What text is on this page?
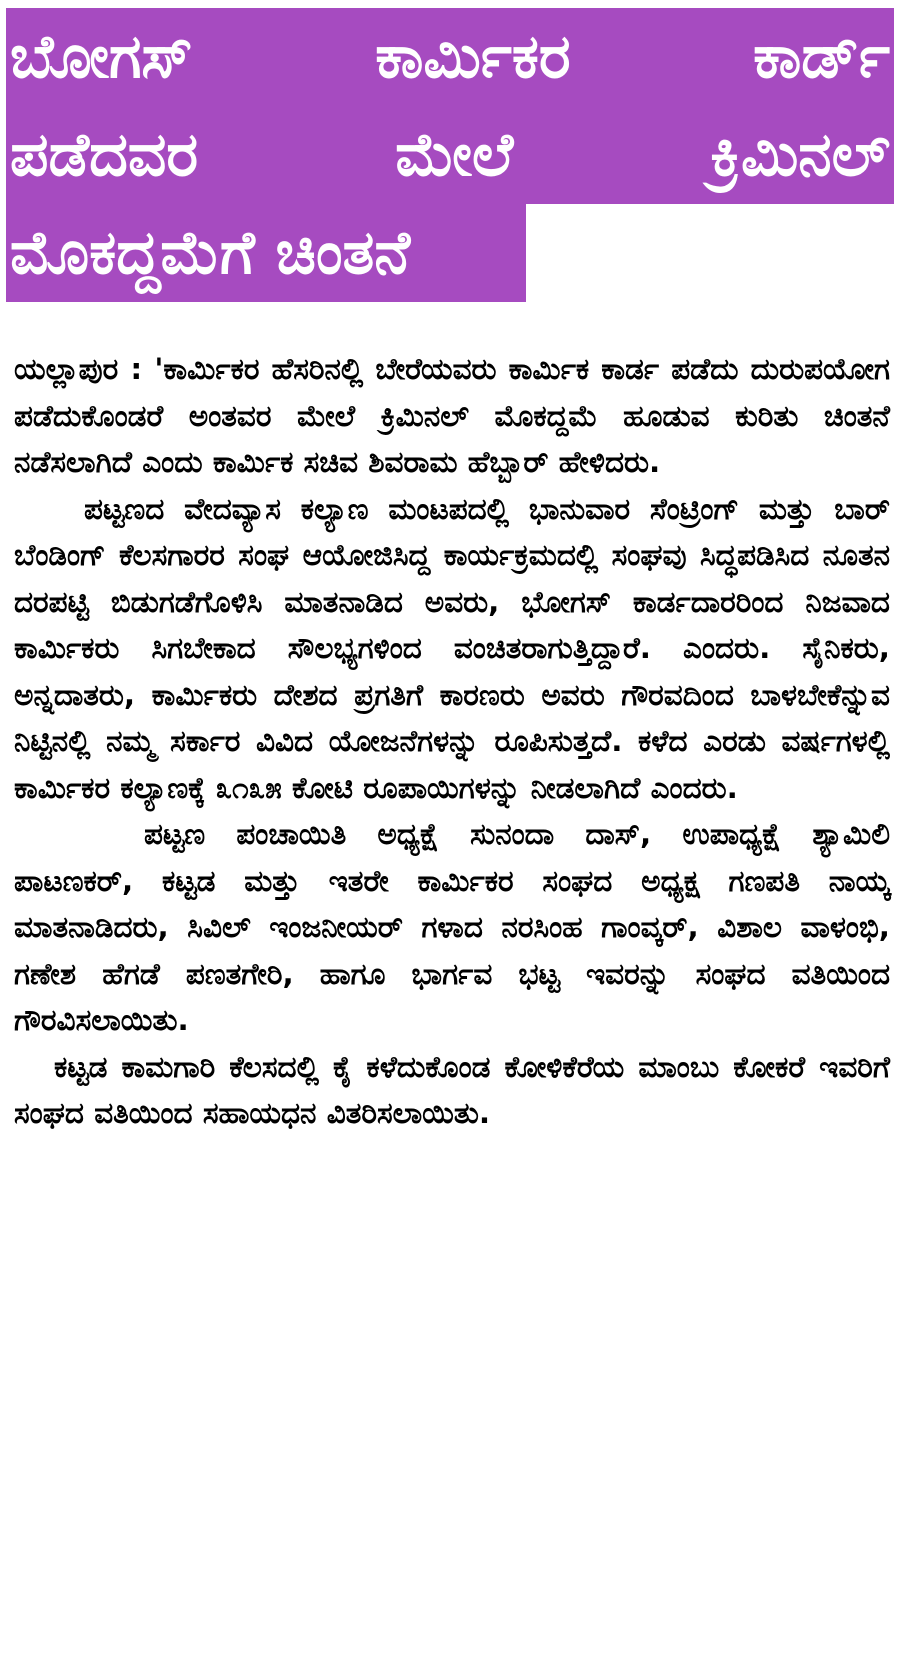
ಬೋಗಸ್ ಕಾರ್ಮಿಕರ ಕಾರ್ಡ್
ಪಡೆದವರ ಮೇಲೆ ಕ್ರಿಮಿನಲ್
ಮೊಕದ್ದಮೆಗೆ ಚಿಂತನೆ

ಯಲ್ಲಾಪುರ : 'ಕಾರ್ಮಿಕರ ಹೆಸರಿನಲ್ಲಿ ಬೇರೆಯವರು ಕಾರ್ಮಿಕ ಕಾರ್ಡ ಪಡೆದು ದುರುಪಯೋಗ ಪಡೆದುಕೊಂಡರೆ ಅಂತವರ ಮೇಲೆ ಕ್ರಿಮಿನಲ್ ಮೊಕದ್ದಮೆ ಹೂಡುವ ಕುರಿತು ಚಿಂತನೆ ನಡೆಸಲಾಗಿದೆ ಎಂದು ಕಾರ್ಮಿಕ ಸಚಿವ ಶಿವರಾಮ ಹೆಬ್ಬಾರ್ ಹೇಳಿದರು.

ಪಟ್ಟಣದ ವೇದವ್ಯಾಸ ಕಲ್ಯಾಣ ಮಂಟಪದಲ್ಲಿ ಭಾನುವಾರ ಸೆಂಟ್ರಿಂಗ್ ಮತ್ತು ಬಾರ್ ಬೆಂಡಿಂಗ್ ಕೆಲಸಗಾರರ ಸಂಘ ಆಯೋಜಿಸಿದ್ದ ಕಾರ್ಯಕ್ರಮದಲ್ಲಿ ಸಂಘವು ಸಿದ್ಧಪಡಿಸಿದ ನೂತನ ದರಪಟ್ಟಿ ಬಿಡುಗಡೆಗೊಳಿಸಿ ಮಾತನಾಡಿದ ಅವರು, ಭೋಗಸ್ ಕಾರ್ಡದಾರರಿಂದ ನಿಜವಾದ ಕಾರ್ಮಿಕರು ಸಿಗಬೇಕಾದ ಸೌಲಭ್ಯಗಳಿಂದ ವಂಚಿತರಾಗುತ್ತಿದ್ದಾರೆ. ಎಂದರು. ಸೈನಿಕರು, ಅನ್ನದಾತರು, ಕಾರ್ಮಿಕರು ದೇಶದ ಪ್ರಗತಿಗೆ ಕಾರಣರು ಅವರು ಗೌರವದಿಂದ ಬಾಳಬೇಕೆನ್ನುವ ನಿಟ್ಟಿನಲ್ಲಿ ನಮ್ಮ ಸರ್ಕಾರ ವಿವಿದ ಯೋಜನೆಗಳನ್ನು ರೂಪಿಸುತ್ತದೆ. ಕಳೆದ ಎರಡು ವರ್ಷಗಳಲ್ಲಿ ಕಾರ್ಮಿಕರ ಕಲ್ಯಾಣಕ್ಕೆ ೩೧೩೫ ಕೋಟಿ ರೂಪಾಯಿಗಳನ್ನು ನೀಡಲಾಗಿದೆ ಎಂದರು.

ಪಟ್ಟಣ ಪಂಚಾಯಿತಿ ಅಧ್ಯಕ್ಷೆ ಸುನಂದಾ ದಾಸ್, ಉಪಾಧ್ಯಕ್ಷೆ ಶ್ಯಾಮಿಲಿ ಪಾಟಣಕರ್, ಕಟ್ಟಡ ಮತ್ತು ಇತರೇ ಕಾರ್ಮಿಕರ ಸಂಘದ ಅಧ್ಯಕ್ಷ ಗಣಪತಿ ನಾಯ್ಕ ಮಾತನಾಡಿದರು, ಸಿವಿಲ್ ಇಂಜನೀಯರ್ ಗಳಾದ ನರಸಿಂಹ ಗಾಂವ್ಕರ್, ವಿಶಾಲ ವಾಳಂಭಿ, ಗಣೇಶ ಹೆಗಡೆ ಪಣತಗೇರಿ, ಹಾಗೂ ಭಾರ್ಗವ ಭಟ್ಟ ಇವರನ್ನು ಸಂಘದ ವತಿಯಿಂದ ಗೌರವಿಸಲಾಯಿತು.

ಕಟ್ಟಡ ಕಾಮಗಾರಿ ಕೆಲಸದಲ್ಲಿ ಕೈ ಕಳೆದುಕೊಂಡ ಕೋಳಿಕೆರೆಯ ಮಾಂಬು ಕೋಕರೆ ಇವರಿಗೆ ಸಂಘದ ವತಿಯಿಂದ ಸಹಾಯಧನ ವಿತರಿಸಲಾಯಿತು.
